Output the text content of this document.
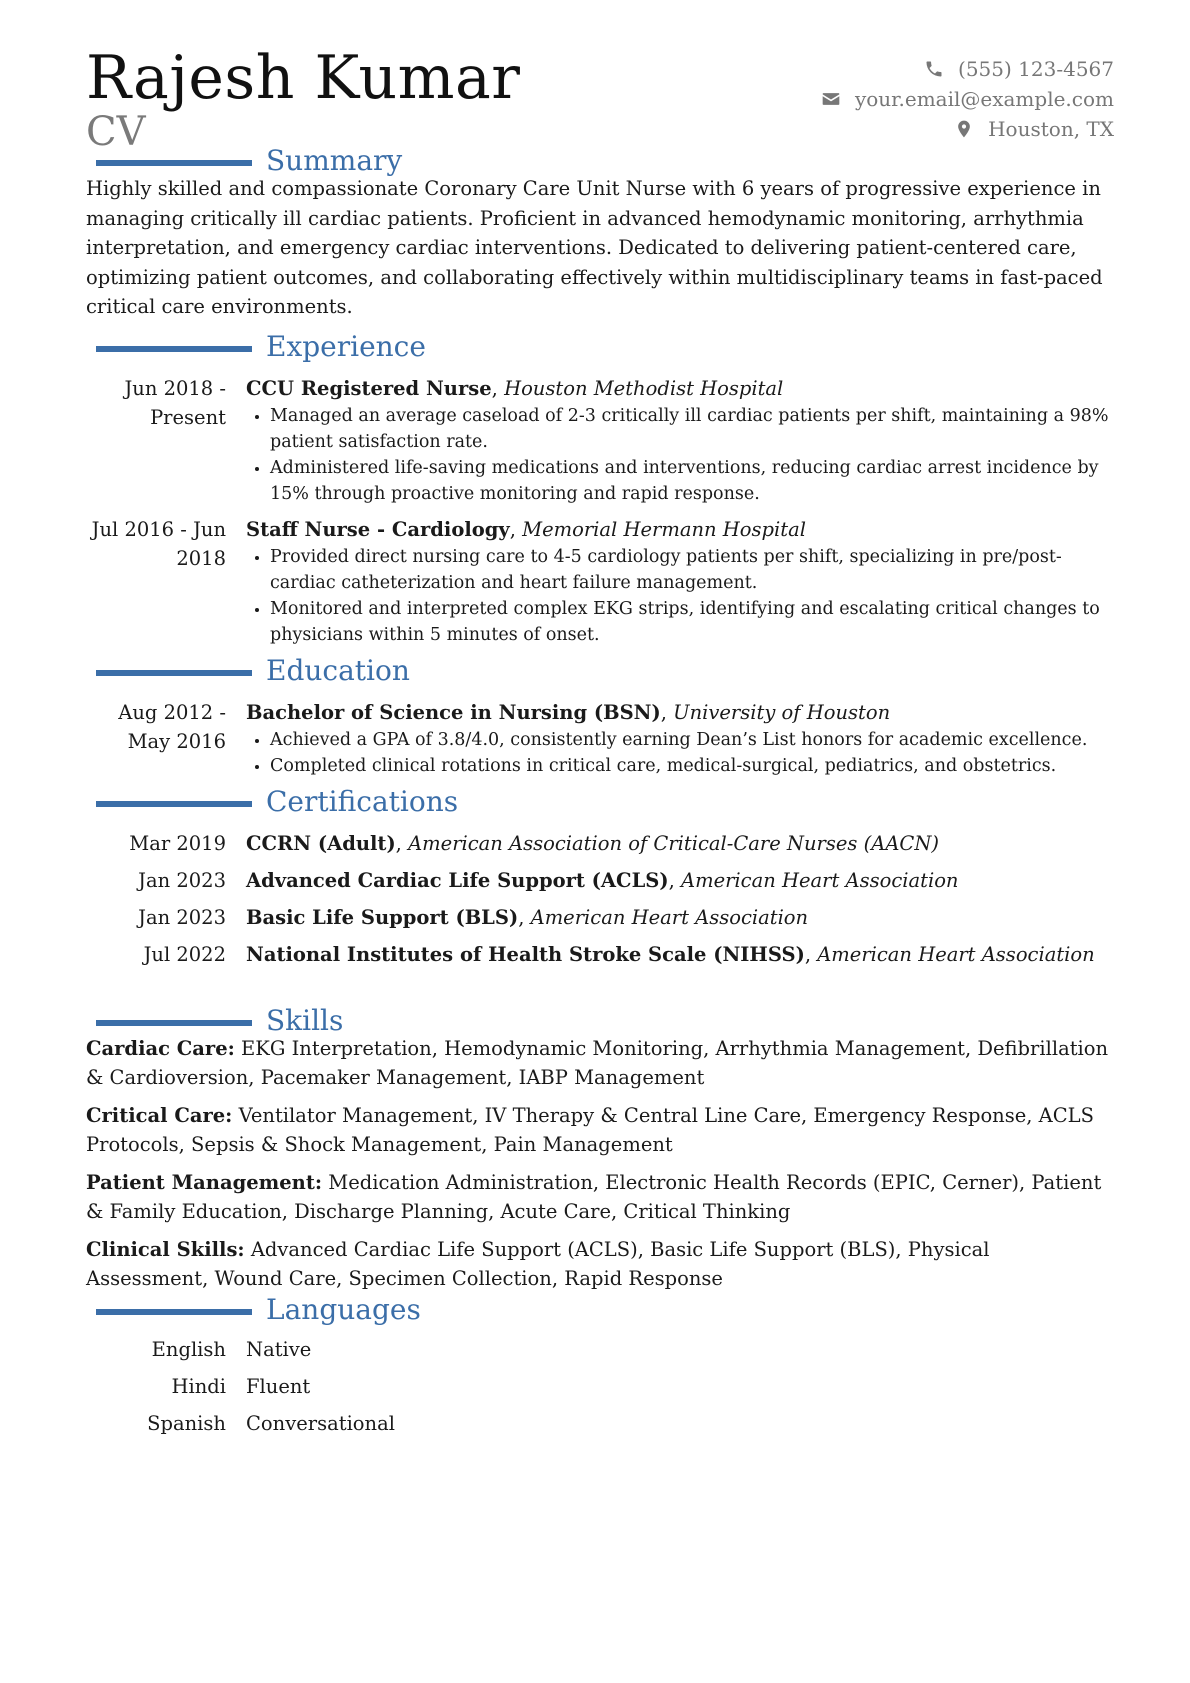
Rajesh Kumar
CV
(555) 123-4567
your.email@example.com
Houston, TX
Summary

Highly skilled and compassionate Coronary Care Unit Nurse with 6 years of progressive experience in managing critically ill cardiac patients. Proficient in advanced hemodynamic monitoring, arrhythmia interpretation, and emergency cardiac interventions. Dedicated to delivering patient-centered care, optimizing patient outcomes, and collaborating effectively within multidisciplinary teams in fast-paced critical care environments.

Experience
Jun 2018 - Present
CCU Registered Nurse, Houston Methodist Hospital
• Managed an average caseload of 2-3 critically ill cardiac patients per shift, maintaining a 98% patient satisfaction rate.
• Administered life-saving medications and interventions, reducing cardiac arrest incidence by 15% through proactive monitoring and rapid response.
Jul 2016 - Jun 2018
Staff Nurse - Cardiology, Memorial Hermann Hospital
• Provided direct nursing care to 4-5 cardiology patients per shift, specializing in pre/post-cardiac catheterization and heart failure management.
• Monitored and interpreted complex EKG strips, identifying and escalating critical changes to physicians within 5 minutes of onset.
Education
Aug 2012 - May 2016
Bachelor of Science in Nursing (BSN), University of Houston
• Achieved a GPA of 3.8/4.0, consistently earning Dean’s List honors for academic excellence.
• Completed clinical rotations in critical care, medical-surgical, pediatrics, and obstetrics.
Certifications
Mar 2019	CCRN (Adult), American Association of Critical-Care Nurses (AACN)
Jan 2023	Advanced Cardiac Life Support (ACLS), American Heart Association
Jan 2023	Basic Life Support (BLS), American Heart Association
Jul 2022	National Institutes of Health Stroke Scale (NIHSS), American Heart Association
Skills

Cardiac Care: EKG Interpretation, Hemodynamic Monitoring, Arrhythmia Management, Defibrillation & Cardioversion, Pacemaker Management, IABP Management

Critical Care: Ventilator Management, IV Therapy & Central Line Care, Emergency Response, ACLS Protocols, Sepsis & Shock Management, Pain Management

Patient Management: Medication Administration, Electronic Health Records (EPIC, Cerner), Patient & Family Education, Discharge Planning, Acute Care, Critical Thinking

Clinical Skills: Advanced Cardiac Life Support (ACLS), Basic Life Support (BLS), Physical Assessment, Wound Care, Specimen Collection, Rapid Response

Languages
English	Native
Hindi	Fluent
Spanish	Conversational
